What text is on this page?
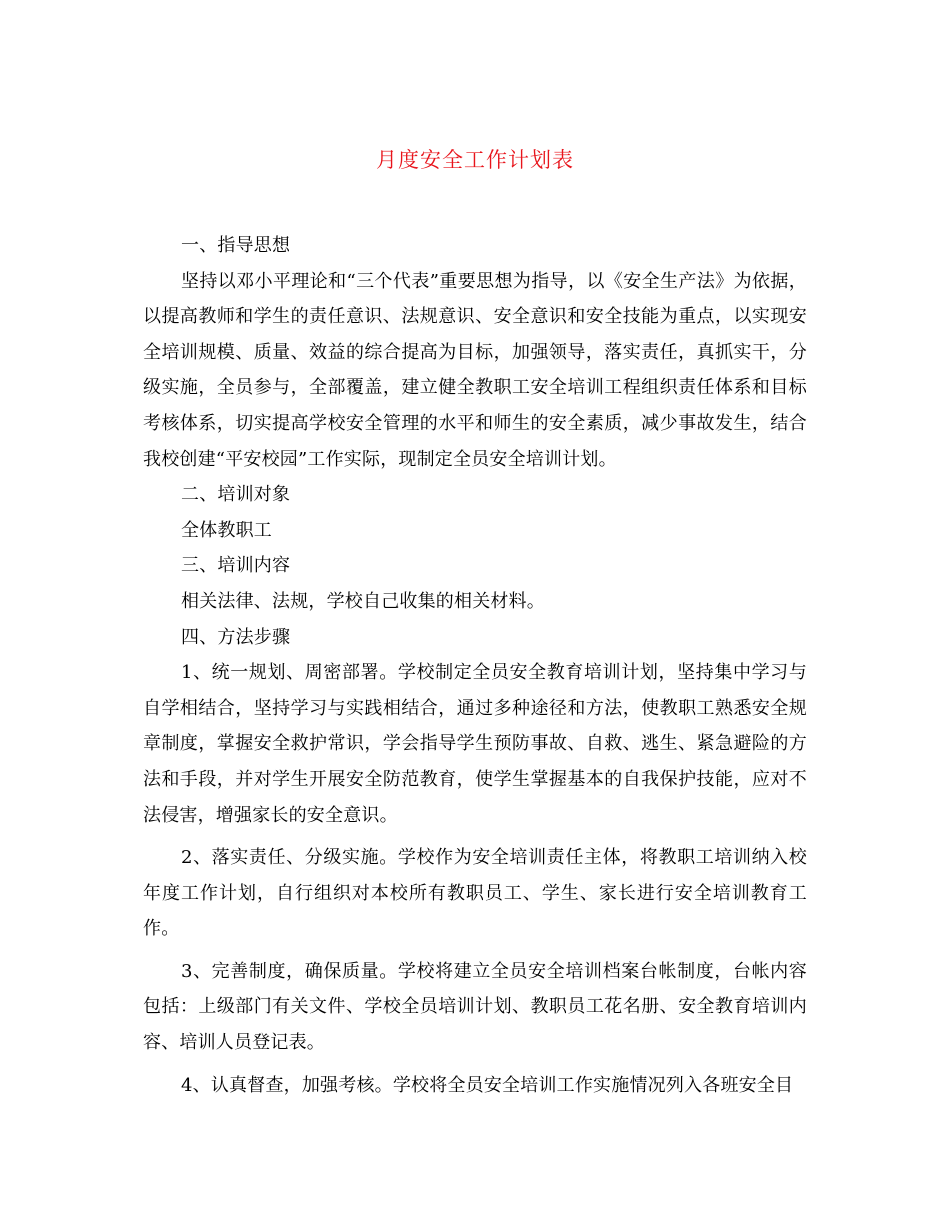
月度安全工作计划表

一、指导思想

坚持以邓小平理论和“三个代表”重要思想为指导，以《安全生产法》为依据，以提高教师和学生的责任意识、法规意识、安全意识和安全技能为重点，以实现安全培训规模、质量、效益的综合提高为目标，加强领导，落实责任，真抓实干，分级实施，全员参与，全部覆盖，建立健全教职工安全培训工程组织责任体系和目标考核体系，切实提高学校安全管理的水平和师生的安全素质，减少事故发生，结合我校创建“平安校园”工作实际，现制定全员安全培训计划。

二、培训对象

全体教职工

三、培训内容

相关法律、法规，学校自己收集的相关材料。

四、方法步骤

1、统一规划、周密部署。学校制定全员安全教育培训计划，坚持集中学习与自学相结合，坚持学习与实践相结合，通过多种途径和方法，使教职工熟悉安全规章制度，掌握安全救护常识，学会指导学生预防事故、自救、逃生、紧急避险的方法和手段，并对学生开展安全防范教育，使学生掌握基本的自我保护技能，应对不法侵害，增强家长的安全意识。

2、落实责任、分级实施。学校作为安全培训责任主体，将教职工培训纳入校年度工作计划，自行组织对本校所有教职员工、学生、家长进行安全培训教育工作。

3、完善制度，确保质量。学校将建立全员安全培训档案台帐制度，台帐内容包括：上级部门有关文件、学校全员培训计划、教职员工花名册、安全教育培训内容、培训人员登记表。

4、认真督查，加强考核。学校将全员安全培训工作实施情况列入各班安全目
